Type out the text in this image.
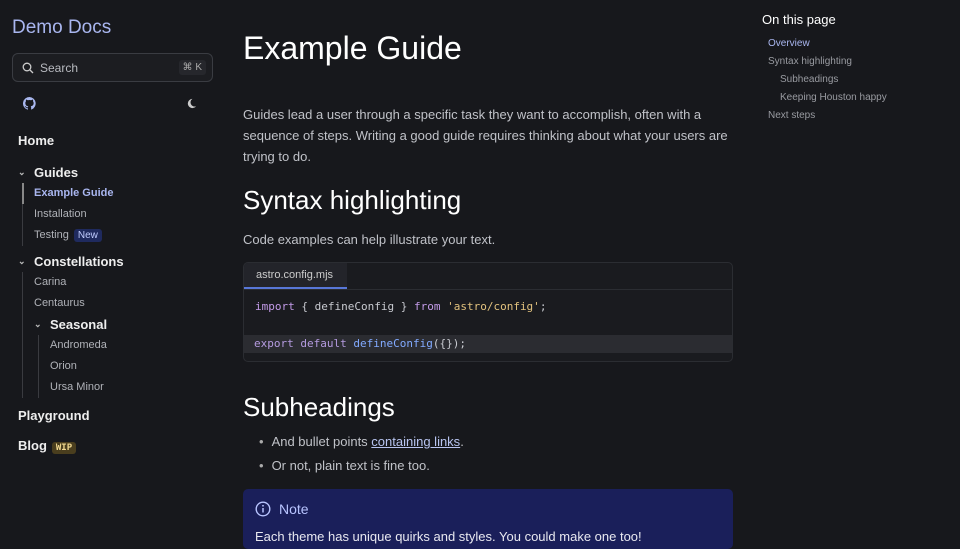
Demo Docs
Search	⌘ K
Home
⌄ Guides
Example Guide
Installation
Testing New
⌄ Constellations
Carina
Centaurus
⌄ Seasonal
Andromeda
Orion
Ursa Minor
Playground
Blog WIP
Example Guide
Guides lead a user through a specific task they want to accomplish, often with a sequence of steps. Writing a good guide requires thinking about what your users are trying to do.
Syntax highlighting
Code examples can help illustrate your text.
astro.config.mjs
import { defineConfig } from 'astro/config';
export default defineConfig({});
Subheadings
• And bullet points containing links.
• Or not, plain text is fine too.
Note
Each theme has unique quirks and styles. You could make one too!
On this page
Overview
Syntax highlighting
Subheadings
Keeping Houston happy
Next steps
